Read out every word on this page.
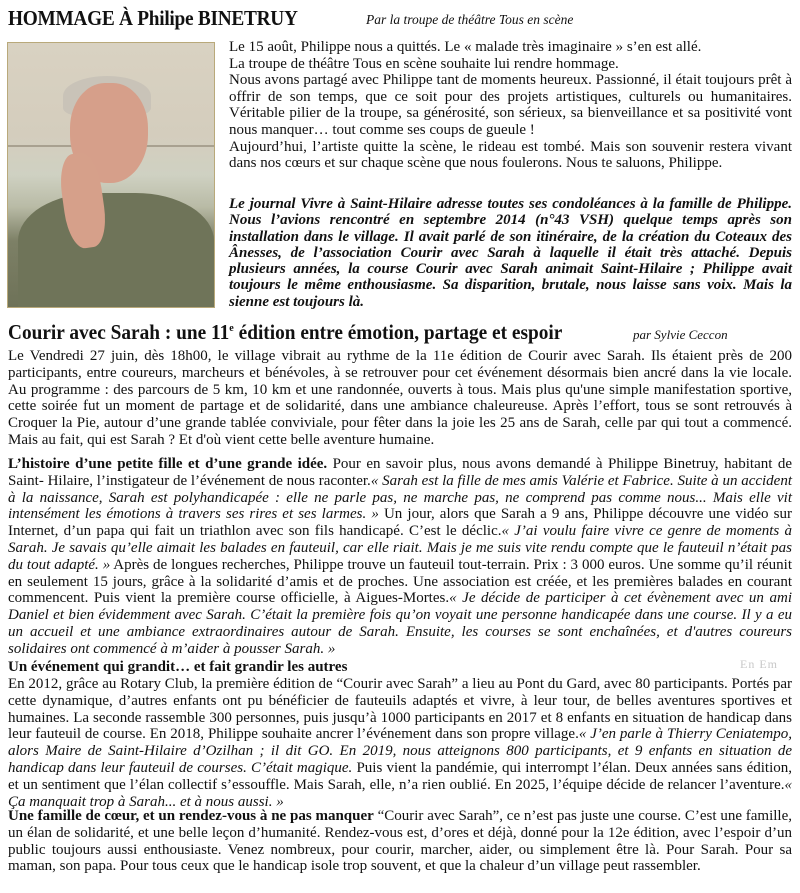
HOMMAGE À Philipe BINETRUY	Par la troupe de théâtre Tous en scène

Le 15 août, Philippe nous a quittés. Le « malade très imaginaire » s’en est allé.

La troupe de théâtre Tous en scène souhaite lui rendre hommage.

Nous avons partagé avec Philippe tant de moments heureux. Passionné, il était toujours prêt à offrir de son temps, que ce soit pour des projets artistiques, culturels ou humanitaires. Véritable pilier de la troupe, sa générosité, son sérieux, sa bienveillance et sa positivité vont nous manquer… tout comme ses coups de gueule !

Aujourd’hui, l’artiste quitte la scène, le rideau est tombé. Mais son souvenir restera vivant dans nos cœurs et sur chaque scène que nous foulerons. Nous te saluons, Philippe.

Le journal Vivre à Saint-Hilaire adresse toutes ses condoléances à la famille de Philippe. Nous l’avions rencontré en septembre 2014 (n°43 VSH) quelque temps après son installation dans le village. Il avait parlé de son itinéraire, de la création du Coteaux des Ânesses, de l’association Courir avec Sarah à laquelle il était très attaché. Depuis plusieurs années, la course Courir avec Sarah animait Saint-Hilaire ; Philippe avait toujours le même enthousiasme. Sa disparition, brutale, nous laisse sans voix. Mais la sienne est toujours là.
Courir avec Sarah : une 11e édition entre émotion, partage et espoir	par Sylvie Ceccon
Le Vendredi 27 juin, dès 18h00, le village vibrait au rythme de la 11e édition de Courir avec Sarah. Ils étaient près de 200 participants, entre coureurs, marcheurs et bénévoles, à se retrouver pour cet événement désormais bien ancré dans la vie locale. Au programme : des parcours de 5 km, 10 km et une randonnée, ouverts à tous. Mais plus qu'une simple manifestation sportive, cette soirée fut un moment de partage et de solidarité, dans une ambiance chaleureuse. Après l’effort, tous se sont retrouvés à Croquer la Pie, autour d’une grande tablée conviviale, pour fêter dans la joie les 25 ans de Sarah, celle par qui tout a commencé. Mais au fait, qui est Sarah ? Et d'où vient cette belle aventure humaine.
L’histoire d’une petite fille et d’une grande idée. Pour en savoir plus, nous avons demandé à Philippe Binetruy, habitant de Saint- Hilaire, l’instigateur de l’événement de nous raconter.« Sarah est la fille de mes amis Valérie et Fabrice. Suite à un accident à la naissance, Sarah est polyhandicapée : elle ne parle pas, ne marche pas, ne comprend pas comme nous... Mais elle vit intensément les émotions à travers ses rires et ses larmes. » Un jour, alors que Sarah a 9 ans, Philippe découvre une vidéo sur Internet, d’un papa qui fait un triathlon avec son fils handicapé. C’est le déclic.« J’ai voulu faire vivre ce genre de moments à Sarah. Je savais qu’elle aimait les balades en fauteuil, car elle riait. Mais je me suis vite rendu compte que le fauteuil n’était pas du tout adapté. » Après de longues recherches, Philippe trouve un fauteuil tout-terrain. Prix : 3 000 euros. Une somme qu’il réunit en seulement 15 jours, grâce à la solidarité d’amis et de proches. Une association est créée, et les premières balades en courant commencent. Puis vient la première course officielle, à Aigues-Mortes.« Je décide de participer à cet évènement avec un ami Daniel et bien évidemment avec Sarah. C’était la première fois qu’on voyait une personne handicapée dans une course. Il y a eu un accueil et une ambiance extraordinaires autour de Sarah. Ensuite, les courses se sont enchaînées, et d'autres coureurs solidaires ont commencé à m’aider à pousser Sarah. »
Un événement qui grandit… et fait grandir les autres	En Em
En 2012, grâce au Rotary Club, la première édition de “Courir avec Sarah” a lieu au Pont du Gard, avec 80 participants. Portés par cette dynamique, d’autres enfants ont pu bénéficier de fauteuils adaptés et vivre, à leur tour, de belles aventures sportives et humaines. La seconde rassemble 300 personnes, puis jusqu’à 1000 participants en 2017 et 8 enfants en situation de handicap dans leur fauteuil de course. En 2018, Philippe souhaite ancrer l’événement dans son propre village.« J’en parle à Thierry Ceniatempo, alors Maire de Saint-Hilaire d’Ozilhan ; il dit GO. En 2019, nous atteignons 800 participants, et 9 enfants en situation de handicap dans leur fauteuil de courses. C’était magique. Puis vient la pandémie, qui interrompt l’élan. Deux années sans édition, et un sentiment que l’élan collectif s’essouffle. Mais Sarah, elle, n’a rien oublié. En 2025, l’équipe décide de relancer l’aventure.« Ça manquait trop à Sarah... et à nous aussi. »
Une famille de cœur, et un rendez-vous à ne pas manquer “Courir avec Sarah”, ce n’est pas juste une course. C’est une famille, un élan de solidarité, et une belle leçon d’humanité. Rendez-vous est, d’ores et déjà, donné pour la 12e édition, avec l’espoir d’un public toujours aussi enthousiaste. Venez nombreux, pour courir, marcher, aider, ou simplement être là. Pour Sarah. Pour sa maman, son papa. Pour tous ceux que le handicap isole trop souvent, et que la chaleur d’un village peut rassembler.
